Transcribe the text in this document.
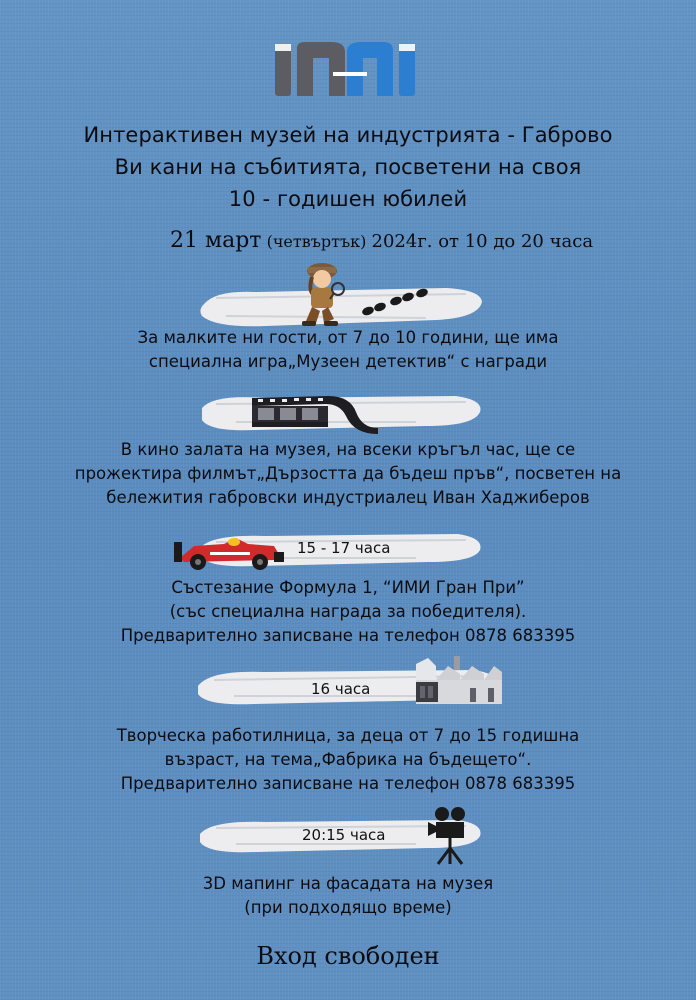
Интерактивен музей на индустрията - Габрово
Ви кани на събитията, посветени на своя
10 - годишен юбилей
21 март (четвъртък) 2024г. от 10 до 20 часа
За малките ни гости, от 7 до 10 години, ще има
специална игра„Музеен детектив“ с награди
В кино залата на музея, на всеки кръгъл час, ще се
прожектира филмът„Дързостта да бъдеш пръв“, посветен на
бележития габровски индустриалец Иван Хаджиберов
15 - 17 часа
Състезание Формула 1, “ИМИ Гран При”
(със специална награда за победителя).
Предварително записване на телефон 0878 683395
16 часа
Творческа работилница, за деца от 7 до 15 годишна
възраст, на тема„Фабрика на бъдещето“.
Предварително записване на телефон 0878 683395
20:15 часа
3D мапинг на фасадата на музея
(при подходящо време)
Вход свободен
